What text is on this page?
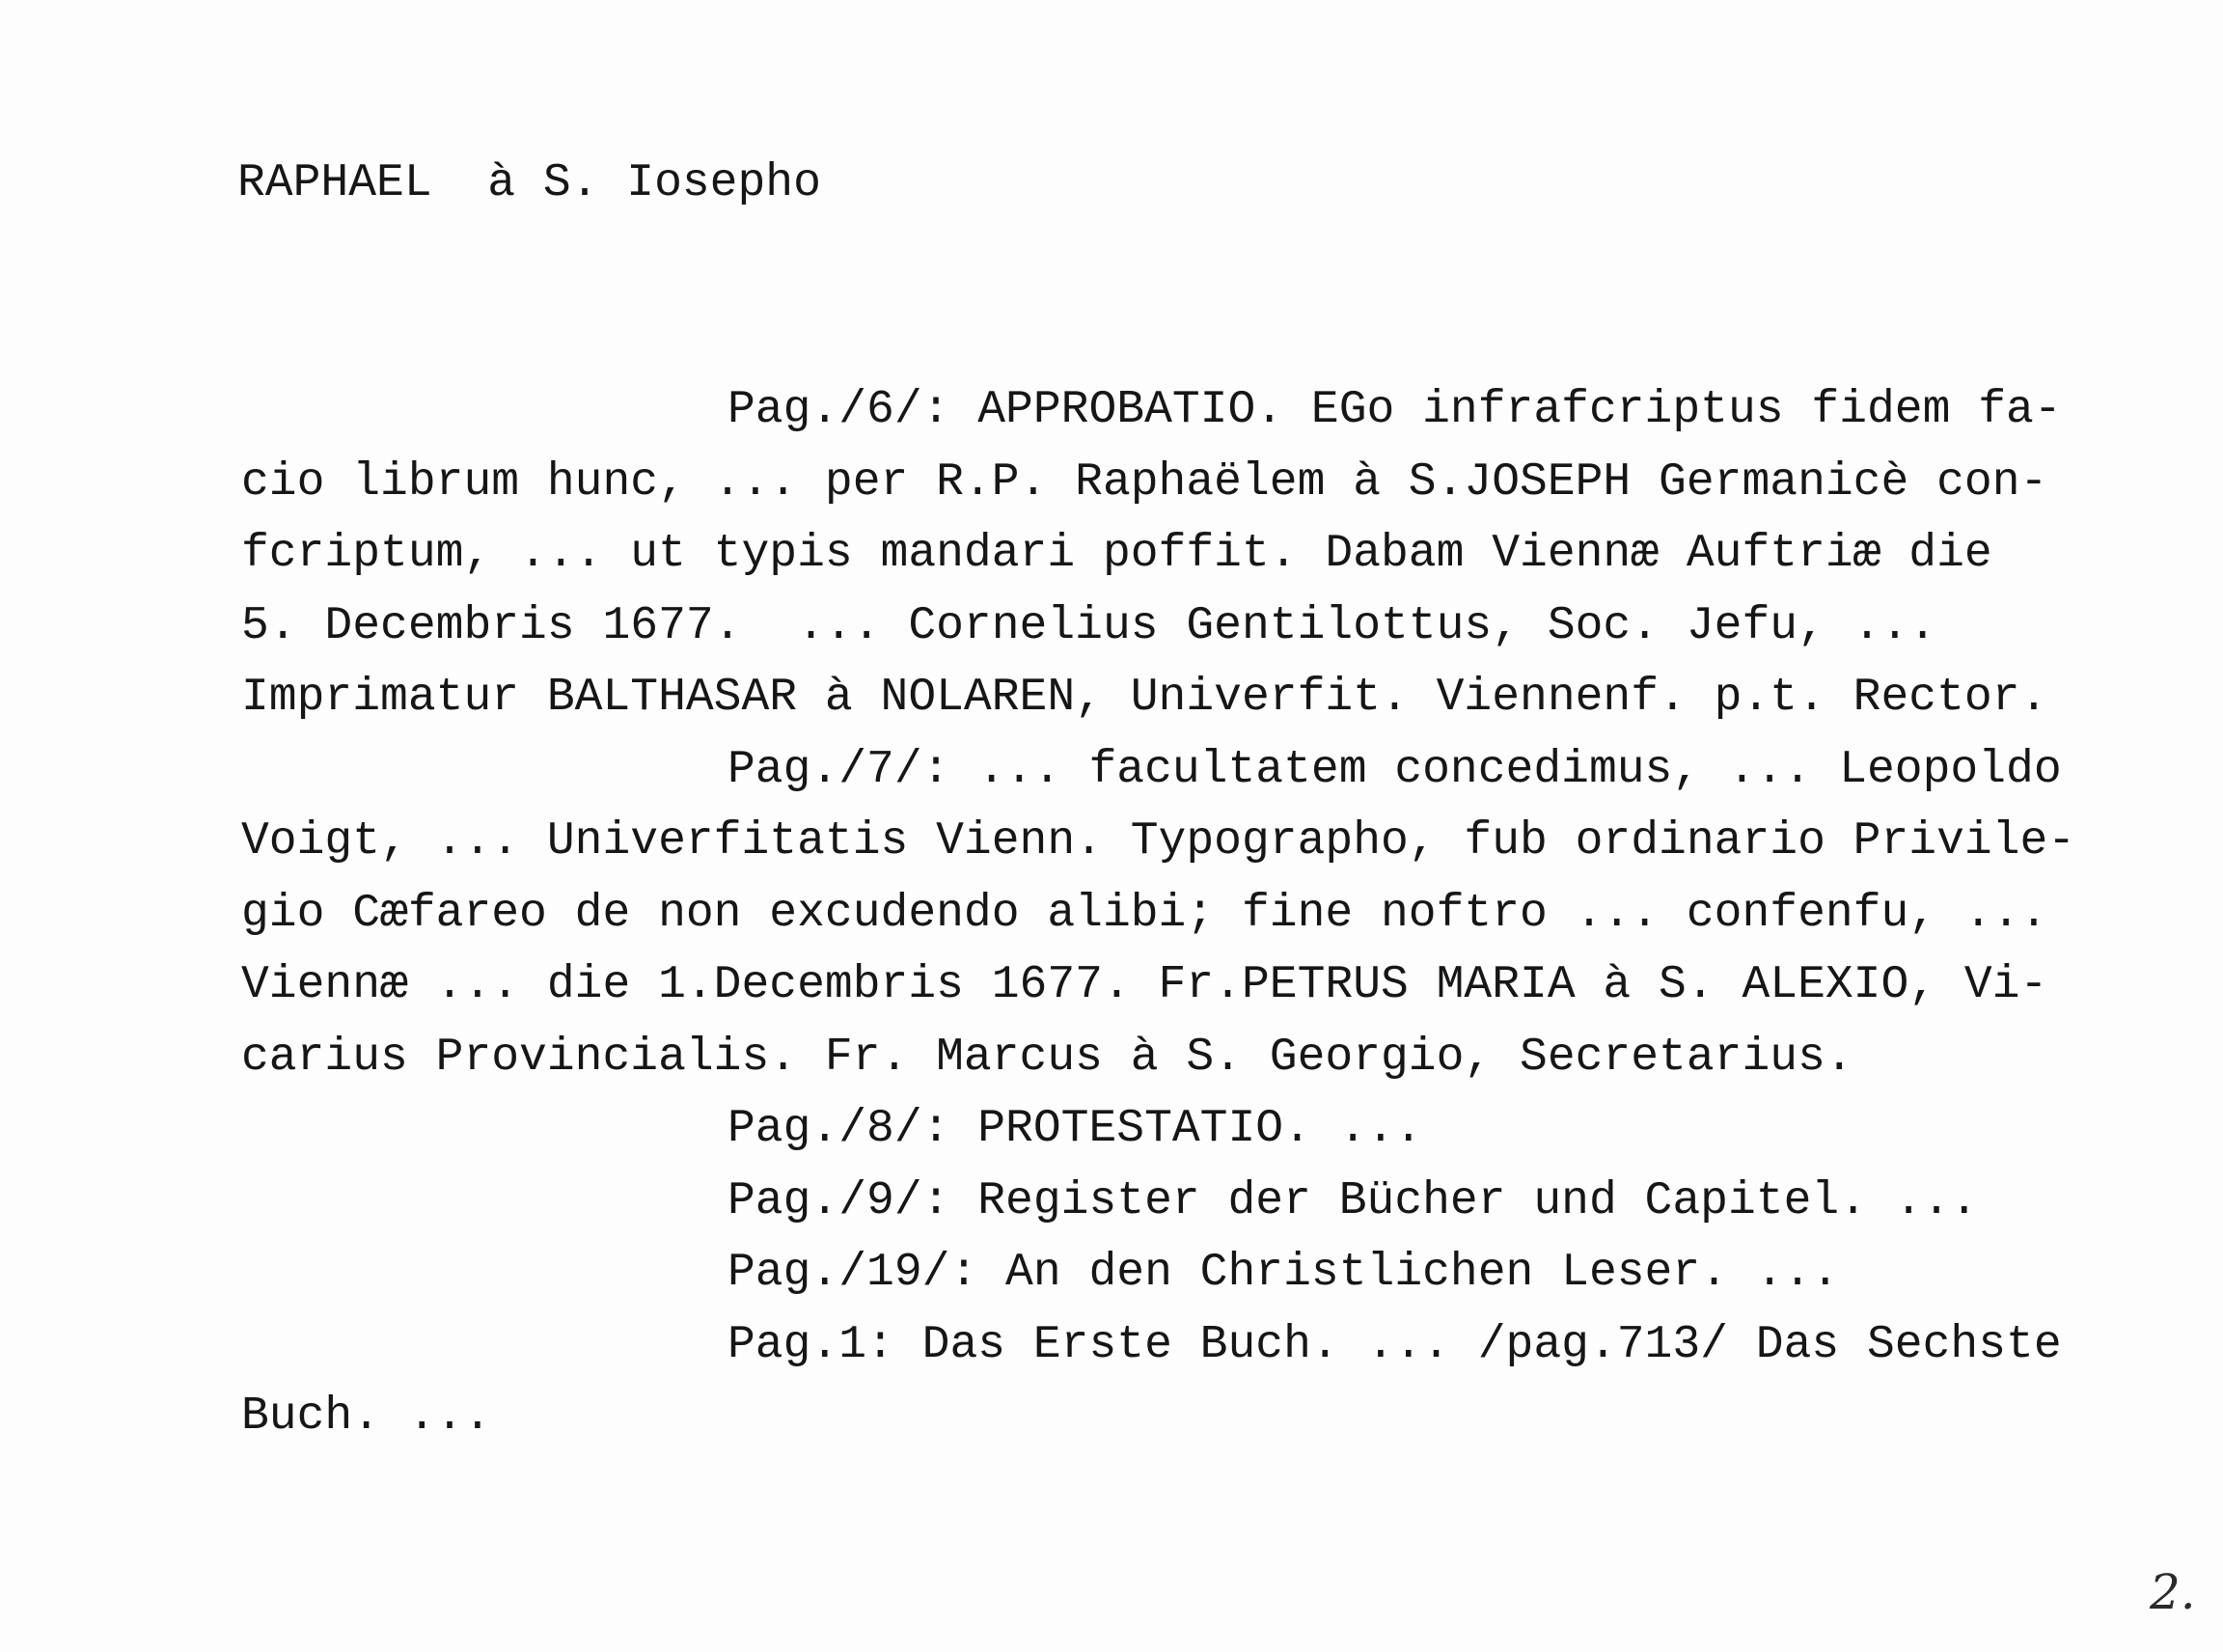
RAPHAEL  à S. Iosepho
Pag./6/: APPROBATIO. EGo infrafcriptus fidem fa-
cio librum hunc, ... per R.P. Raphaëlem à S.JOSEPH Germanicè con-
fcriptum, ... ut typis mandari poffit. Dabam Viennæ Auftriæ die
5. Decembris 1677.  ... Cornelius Gentilottus, Soc. Jefu, ...
Imprimatur BALTHASAR à NOLAREN, Univerfit. Viennenf. p.t. Rector.
Pag./7/: ... facultatem concedimus, ... Leopoldo
Voigt, ... Univerfitatis Vienn. Typographo, fub ordinario Privile-
gio Cæfareo de non excudendo alibi; fine noftro ... confenfu, ...
Viennæ ... die 1.Decembris 1677. Fr.PETRUS MARIA à S. ALEXIO, Vi-
carius Provincialis. Fr. Marcus à S. Georgio, Secretarius.
Pag./8/: PROTESTATIO. ...
Pag./9/: Register der Bücher und Capitel. ...
Pag./19/: An den Christlichen Leser. ...
Pag.1: Das Erste Buch. ... /pag.713/ Das Sechste
Buch. ...
2.
